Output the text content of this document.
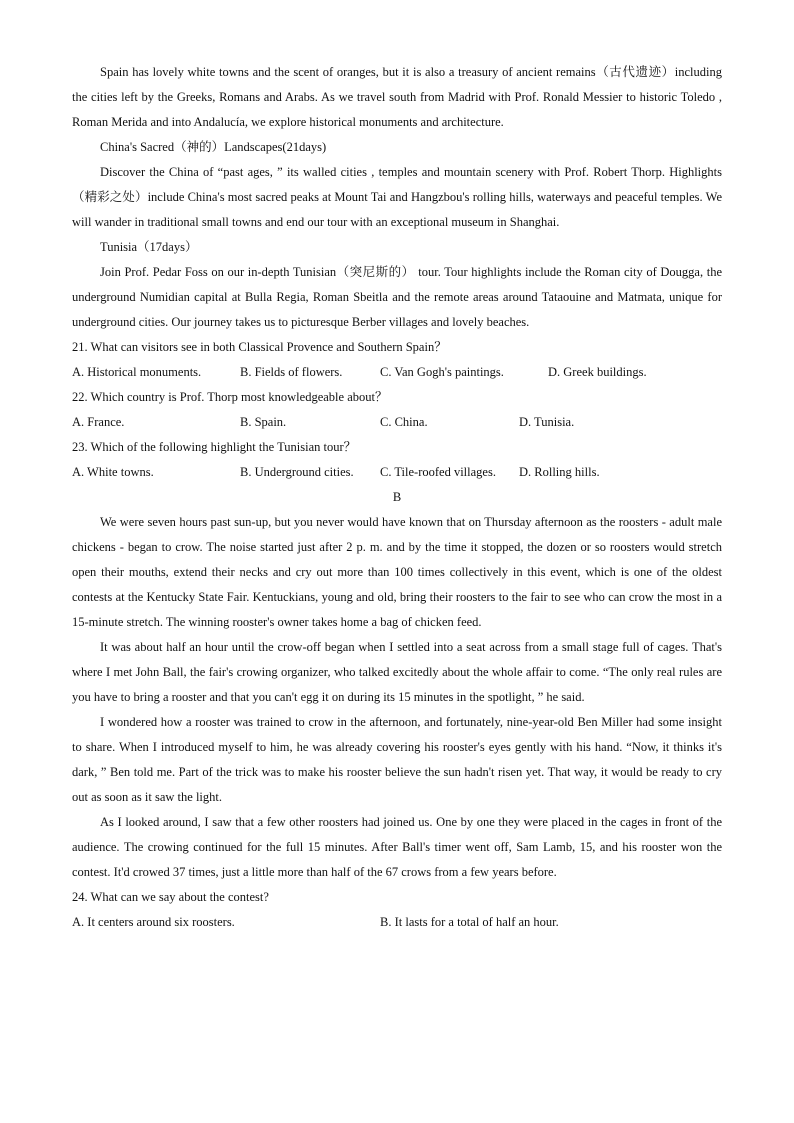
Spain has lovely white towns and the scent of oranges, but it is also a treasury of ancient remains（古代遗迹）including the cities left by the Greeks, Romans and Arabs. As we travel south from Madrid with Prof. Ronald Messier to historic Toledo , Roman Merida and into Andalucía, we explore historical monuments and architecture.

China's Sacred（神的）Landscapes(21days)

Discover the China of “past ages, ” its walled cities , temples and mountain scenery with Prof. Robert Thorp. Highlights （精彩之处）include China's most sacred peaks at Mount Tai and Hangzbou's rolling hills, waterways and peaceful temples. We will wander in traditional small towns and end our tour with an exceptional museum in Shanghai.

Tunisia（17days）

Join Prof. Pedar Foss on our in-depth Tunisian（突尼斯的） tour. Tour highlights include the Roman city of Dougga, the underground Numidian capital at Bulla Regia, Roman Sbeitla and the remote areas around Tataouine and Matmata, unique for underground cities. Our journey takes us to picturesque Berber villages and lovely beaches.

21. What can visitors see in both Classical Provence and Southern Spain？

A. Historical monuments.	B. Fields of flowers.	C. Van Gogh's paintings.	D. Greek buildings.

22. Which country is Prof. Thorp most knowledgeable about？

A. France.	B. Spain.	C. China.	D. Tunisia.

23. Which of the following highlight the Tunisian tour？

A. White towns.	B. Underground cities.	C. Tile-roofed villages.	D. Rolling hills.

B

We were seven hours past sun-up, but you never would have known that on Thursday afternoon as the roosters - adult male chickens - began to crow. The noise started just after 2 p. m. and by the time it stopped, the dozen or so roosters would stretch open their mouths, extend their necks and cry out more than 100 times collectively in this event, which is one of the oldest contests at the Kentucky State Fair. Kentuckians, young and old, bring their roosters to the fair to see who can crow the most in a 15-minute stretch. The winning rooster's owner takes home a bag of chicken feed.

It was about half an hour until the crow-off began when I settled into a seat across from a small stage full of cages. That's where I met John Ball, the fair's crowing organizer, who talked excitedly about the whole affair to come. “The only real rules are you have to bring a rooster and that you can't egg it on during its 15 minutes in the spotlight, ” he said.

I wondered how a rooster was trained to crow in the afternoon, and fortunately, nine-year-old Ben Miller had some insight to share. When I introduced myself to him, he was already covering his rooster's eyes gently with his hand. “Now, it thinks it's dark, ” Ben told me. Part of the trick was to make his rooster believe the sun hadn't risen yet. That way, it would be ready to cry out as soon as it saw the light.

As I looked around, I saw that a few other roosters had joined us. One by one they were placed in the cages in front of the audience. The crowing continued for the full 15 minutes. After Ball's timer went off, Sam Lamb, 15, and his rooster won the contest. It'd crowed 37 times, just a little more than half of the 67 crows from a few years before.

24. What can we say about the contest?

A. It centers around six roosters.	B. It lasts for a total of half an hour.
